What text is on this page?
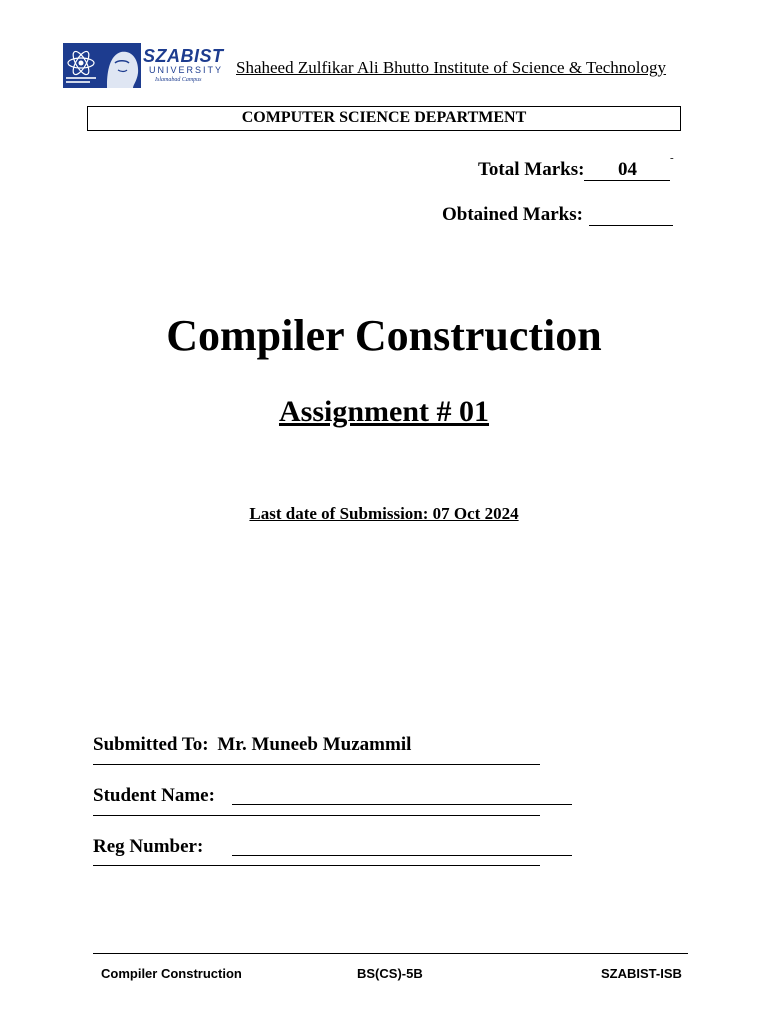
SZABIST
UNIVERSITY
Islamabad Campus
Shaheed Zulfikar Ali Bhutto Institute of Science & Technology
COMPUTER SCIENCE DEPARTMENT
Total Marks: 04
-
Obtained Marks:
Compiler Construction
Assignment # 01
Last date of Submission: 07 Oct 2024
Submitted To: Mr. Muneeb Muzammil
Student Name:
Reg Number:
Compiler Construction	BS(CS)-5B	SZABIST-ISB
